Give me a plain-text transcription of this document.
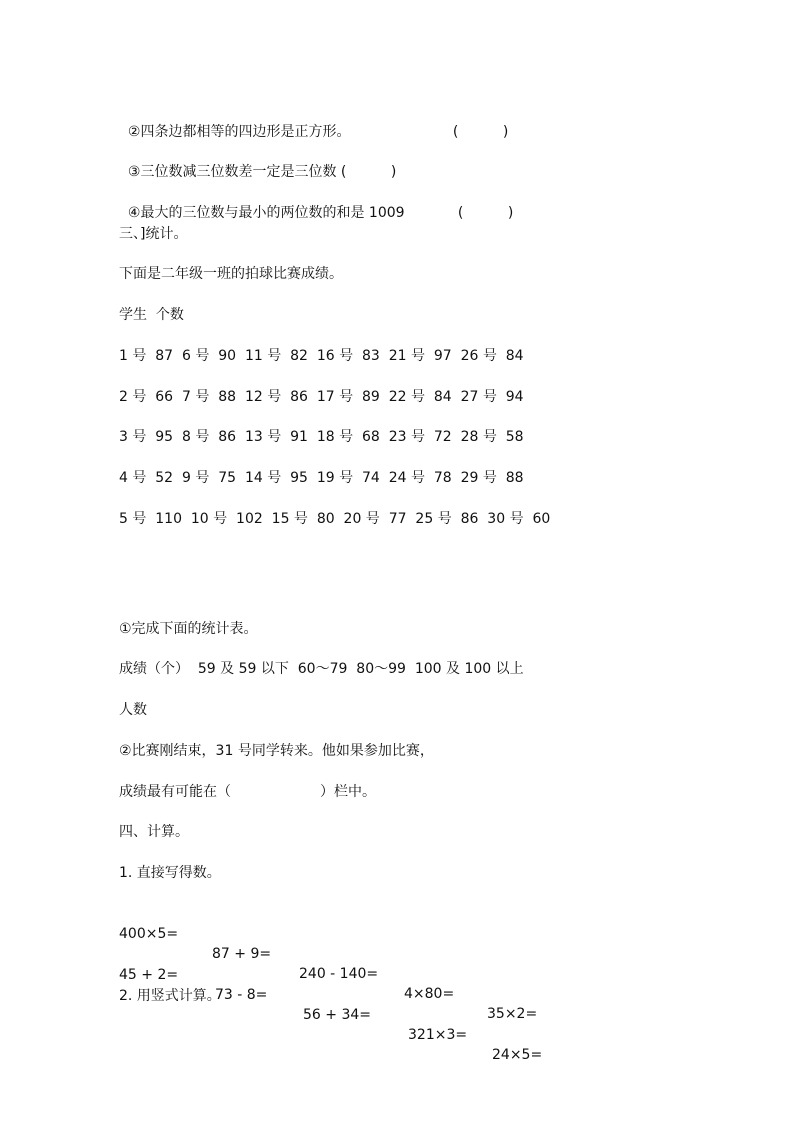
②四条边都相等的四边形是正方形。	(          )

③三位数减三位数差一定是三位数 (          )

④最大的三位数与最小的两位数的和是 1009	(          )

三、]统计。
下面是二年级一班的拍球比赛成绩。
学生  个数
1 号  87  6 号  90  11 号  82  16 号  83  21 号  97  26 号  84
2 号  66  7 号  88  12 号  86  17 号  89  22 号  84  27 号  94
3 号  95  8 号  86  13 号  91  18 号  68  23 号  72  28 号  58
4 号  52  9 号  75  14 号  95  19 号  74  24 号  78  29 号  88
5 号  110  10 号  102  15 号  80  20 号  77  25 号  86  30 号  60
①完成下面的统计表。
成绩（个）  59 及 59 以下  60～79  80～99  100 及 100 以上
人数
②比赛刚结束，31 号同学转来。他如果参加比赛，
成绩最有可能在（                    ）栏中。
四、计算。
1. 直接写得数。

400×5=

87 + 9=

240 - 140=

4×80=

35×2=

45 + 2=

73 - 8=

56 + 34=

321×3=

24×5=

2. 用竖式计算。
